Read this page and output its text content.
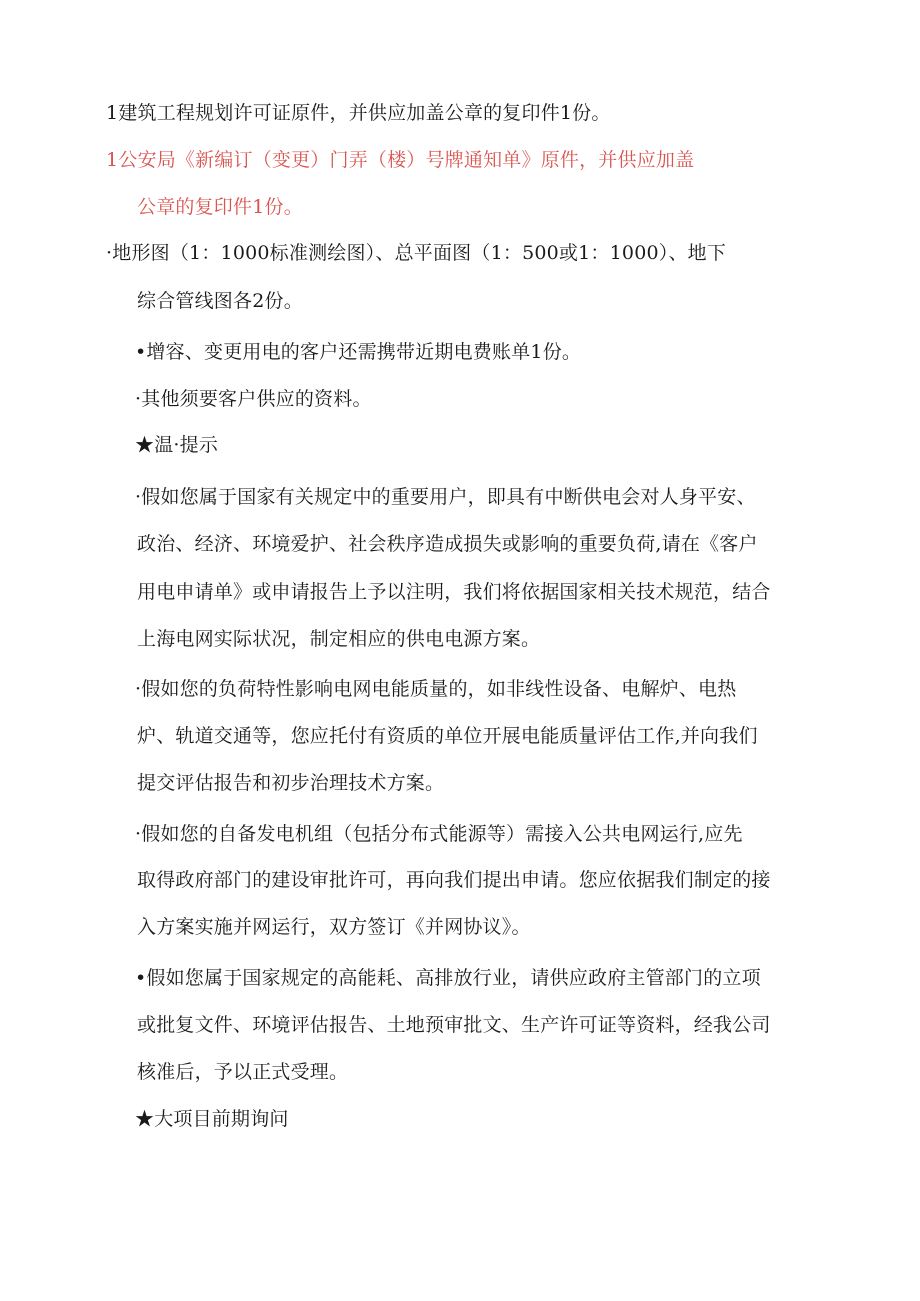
1建筑工程规划许可证原件，并供应加盖公章的复印件1份。
1公安局《新编订（变更）门弄（楼）号牌通知单》原件，并供应加盖
公章的复印件1份。
·地形图（1：1000标准测绘图）、总平面图（1：500或1：1000）、地下
综合管线图各2份。
•增容、变更用电的客户还需携带近期电费账单1份。
·其他须要客户供应的资料。
★温·提示
·假如您属于国家有关规定中的重要用户，即具有中断供电会对人身平安、
政治、经济、环境爱护、社会秩序造成损失或影响的重要负荷,请在《客户
用电申请单》或申请报告上予以注明，我们将依据国家相关技术规范，结合
上海电网实际状况，制定相应的供电电源方案。
·假如您的负荷特性影响电网电能质量的，如非线性设备、电解炉、电热
炉、轨道交通等，您应托付有资质的单位开展电能质量评估工作,并向我们
提交评估报告和初步治理技术方案。
·假如您的自备发电机组（包括分布式能源等）需接入公共电网运行,应先
取得政府部门的建设审批许可，再向我们提出申请。您应依据我们制定的接
入方案实施并网运行，双方签订《并网协议》。
•假如您属于国家规定的高能耗、高排放行业，请供应政府主管部门的立项
或批复文件、环境评估报告、土地预审批文、生产许可证等资料，经我公司
核准后，予以正式受理。
★大项目前期询问
